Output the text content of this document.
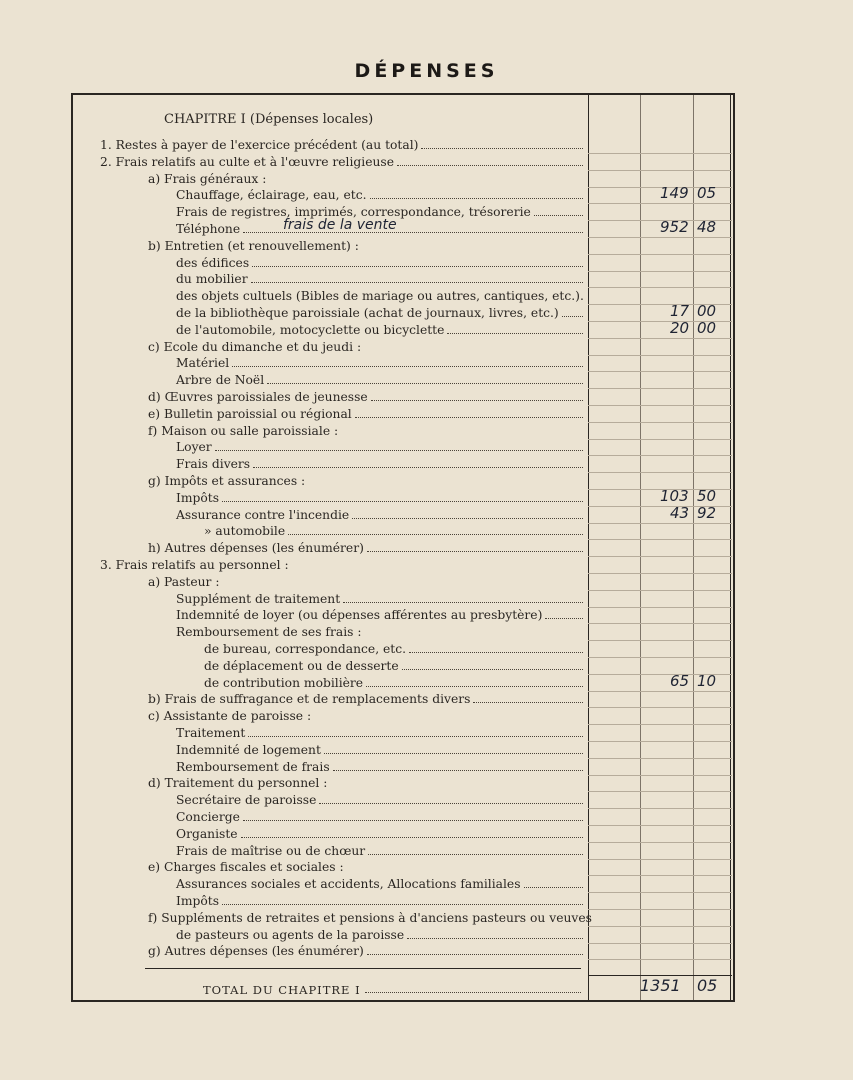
DÉPENSES
CHAPITRE I (Dépenses locales)
1. Restes à payer de l'exercice précédent (au total)
2. Frais relatifs au culte et à l'œuvre religieuse
a) Frais généraux :
Chauffage, éclairage, eau, etc.	149 05
Frais de registres, imprimés, correspondance, trésorerie
Téléphone	952 48
frais de la vente
b) Entretien (et renouvellement) :
des édifices
du mobilier
des objets cultuels (Bibles de mariage ou autres, cantiques, etc.).
de la bibliothèque paroissiale (achat de journaux, livres, etc.)	17 00
de l'automobile, motocyclette ou bicyclette	20 00
c) Ecole du dimanche et du jeudi :
Matériel
Arbre de Noël
d) Œuvres paroissiales de jeunesse
e) Bulletin paroissial ou régional
f) Maison ou salle paroissiale :
Loyer
Frais divers
g) Impôts et assurances :
Impôts	103 50
Assurance contre l'incendie	43 92
» automobile
h) Autres dépenses (les énumérer)
3. Frais relatifs au personnel :
a) Pasteur :
Supplément de traitement
Indemnité de loyer (ou dépenses afférentes au presbytère)
Remboursement de ses frais :
de bureau, correspondance, etc.
de déplacement ou de desserte
de contribution mobilière	65 10
b) Frais de suffragance et de remplacements divers
c) Assistante de paroisse :
Traitement
Indemnité de logement
Remboursement de frais
d) Traitement du personnel :
Secrétaire de paroisse
Concierge
Organiste
Frais de maîtrise ou de chœur
e) Charges fiscales et sociales :
Assurances sociales et accidents, Allocations familiales
Impôts
f) Suppléments de retraites et pensions à d'anciens pasteurs ou veuves
de pasteurs ou agents de la paroisse
g) Autres dépenses (les énumérer)
TOTAL DU CHAPITRE I	1351 05
